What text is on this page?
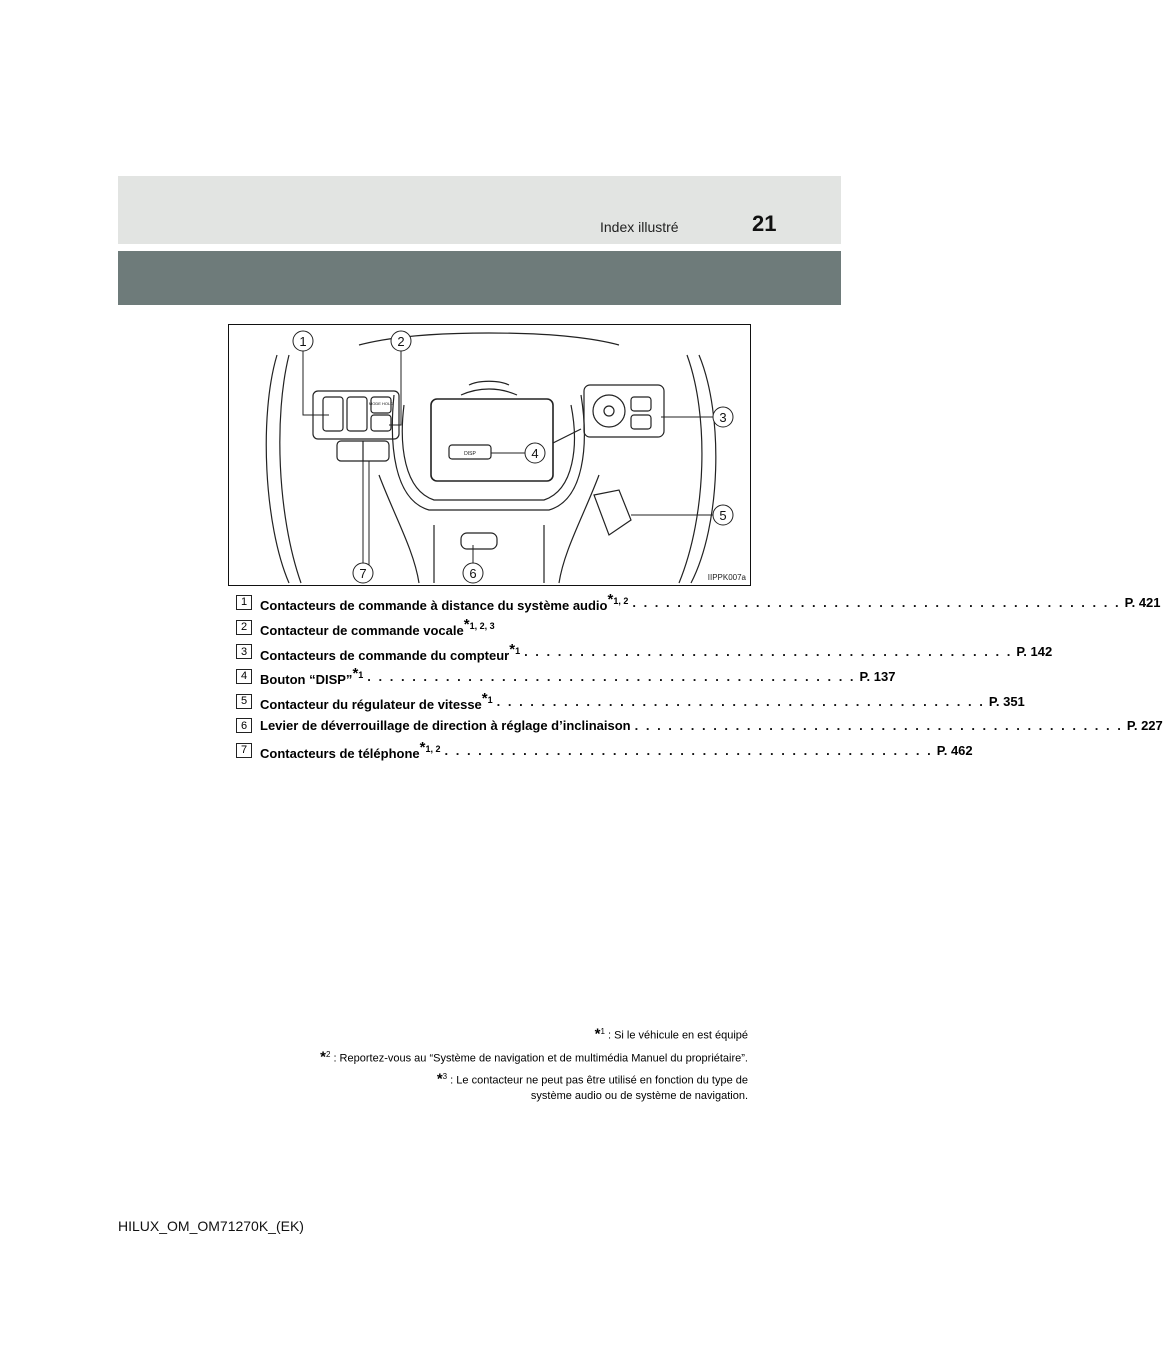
Index illustré	21
1	2
3
4
5
6
7
DISP
MODE HOLD
IIPPK007a
1 Contacteurs de commande à distance du système audio$^{*1, 2}$ . . . . . . . . . . . . . . . . . . . . . . . . . . . . . . . . . . . . . . . . . . . . P. 421
2 Contacteur de commande vocale$^{*1, 2, 3}$
3 Contacteurs de commande du compteur$^{*1}$ . . . . . . . . . . . . . . . . . . . . . . . . . . . . . . . . . . . . . . . . . . . . P. 142
4 Bouton “DISP”$^{*1}$ . . . . . . . . . . . . . . . . . . . . . . . . . . . . . . . . . . . . . . . . . . . . P. 137
5 Contacteur du régulateur de vitesse$^{*1}$ . . . . . . . . . . . . . . . . . . . . . . . . . . . . . . . . . . . . . . . . . . . . P. 351
6 Levier de déverrouillage de direction à réglage d’inclinaison . . . . . . . . . . . . . . . . . . . . . . . . . . . . . . . . . . . . . . . . . . . . P. 227
7 Contacteurs de téléphone$^{*1, 2}$ . . . . . . . . . . . . . . . . . . . . . . . . . . . . . . . . . . . . . . . . . . . . P. 462
*$^1$ : Si le véhicule en est équipé
*$^2$ : Reportez-vous au “Système de navigation et de multimédia Manuel du propriétaire”.
*$^3$ : Le contacteur ne peut pas être utilisé en fonction du type de
système audio ou de système de navigation.
HILUX_OM_OM71270K_(EK)
